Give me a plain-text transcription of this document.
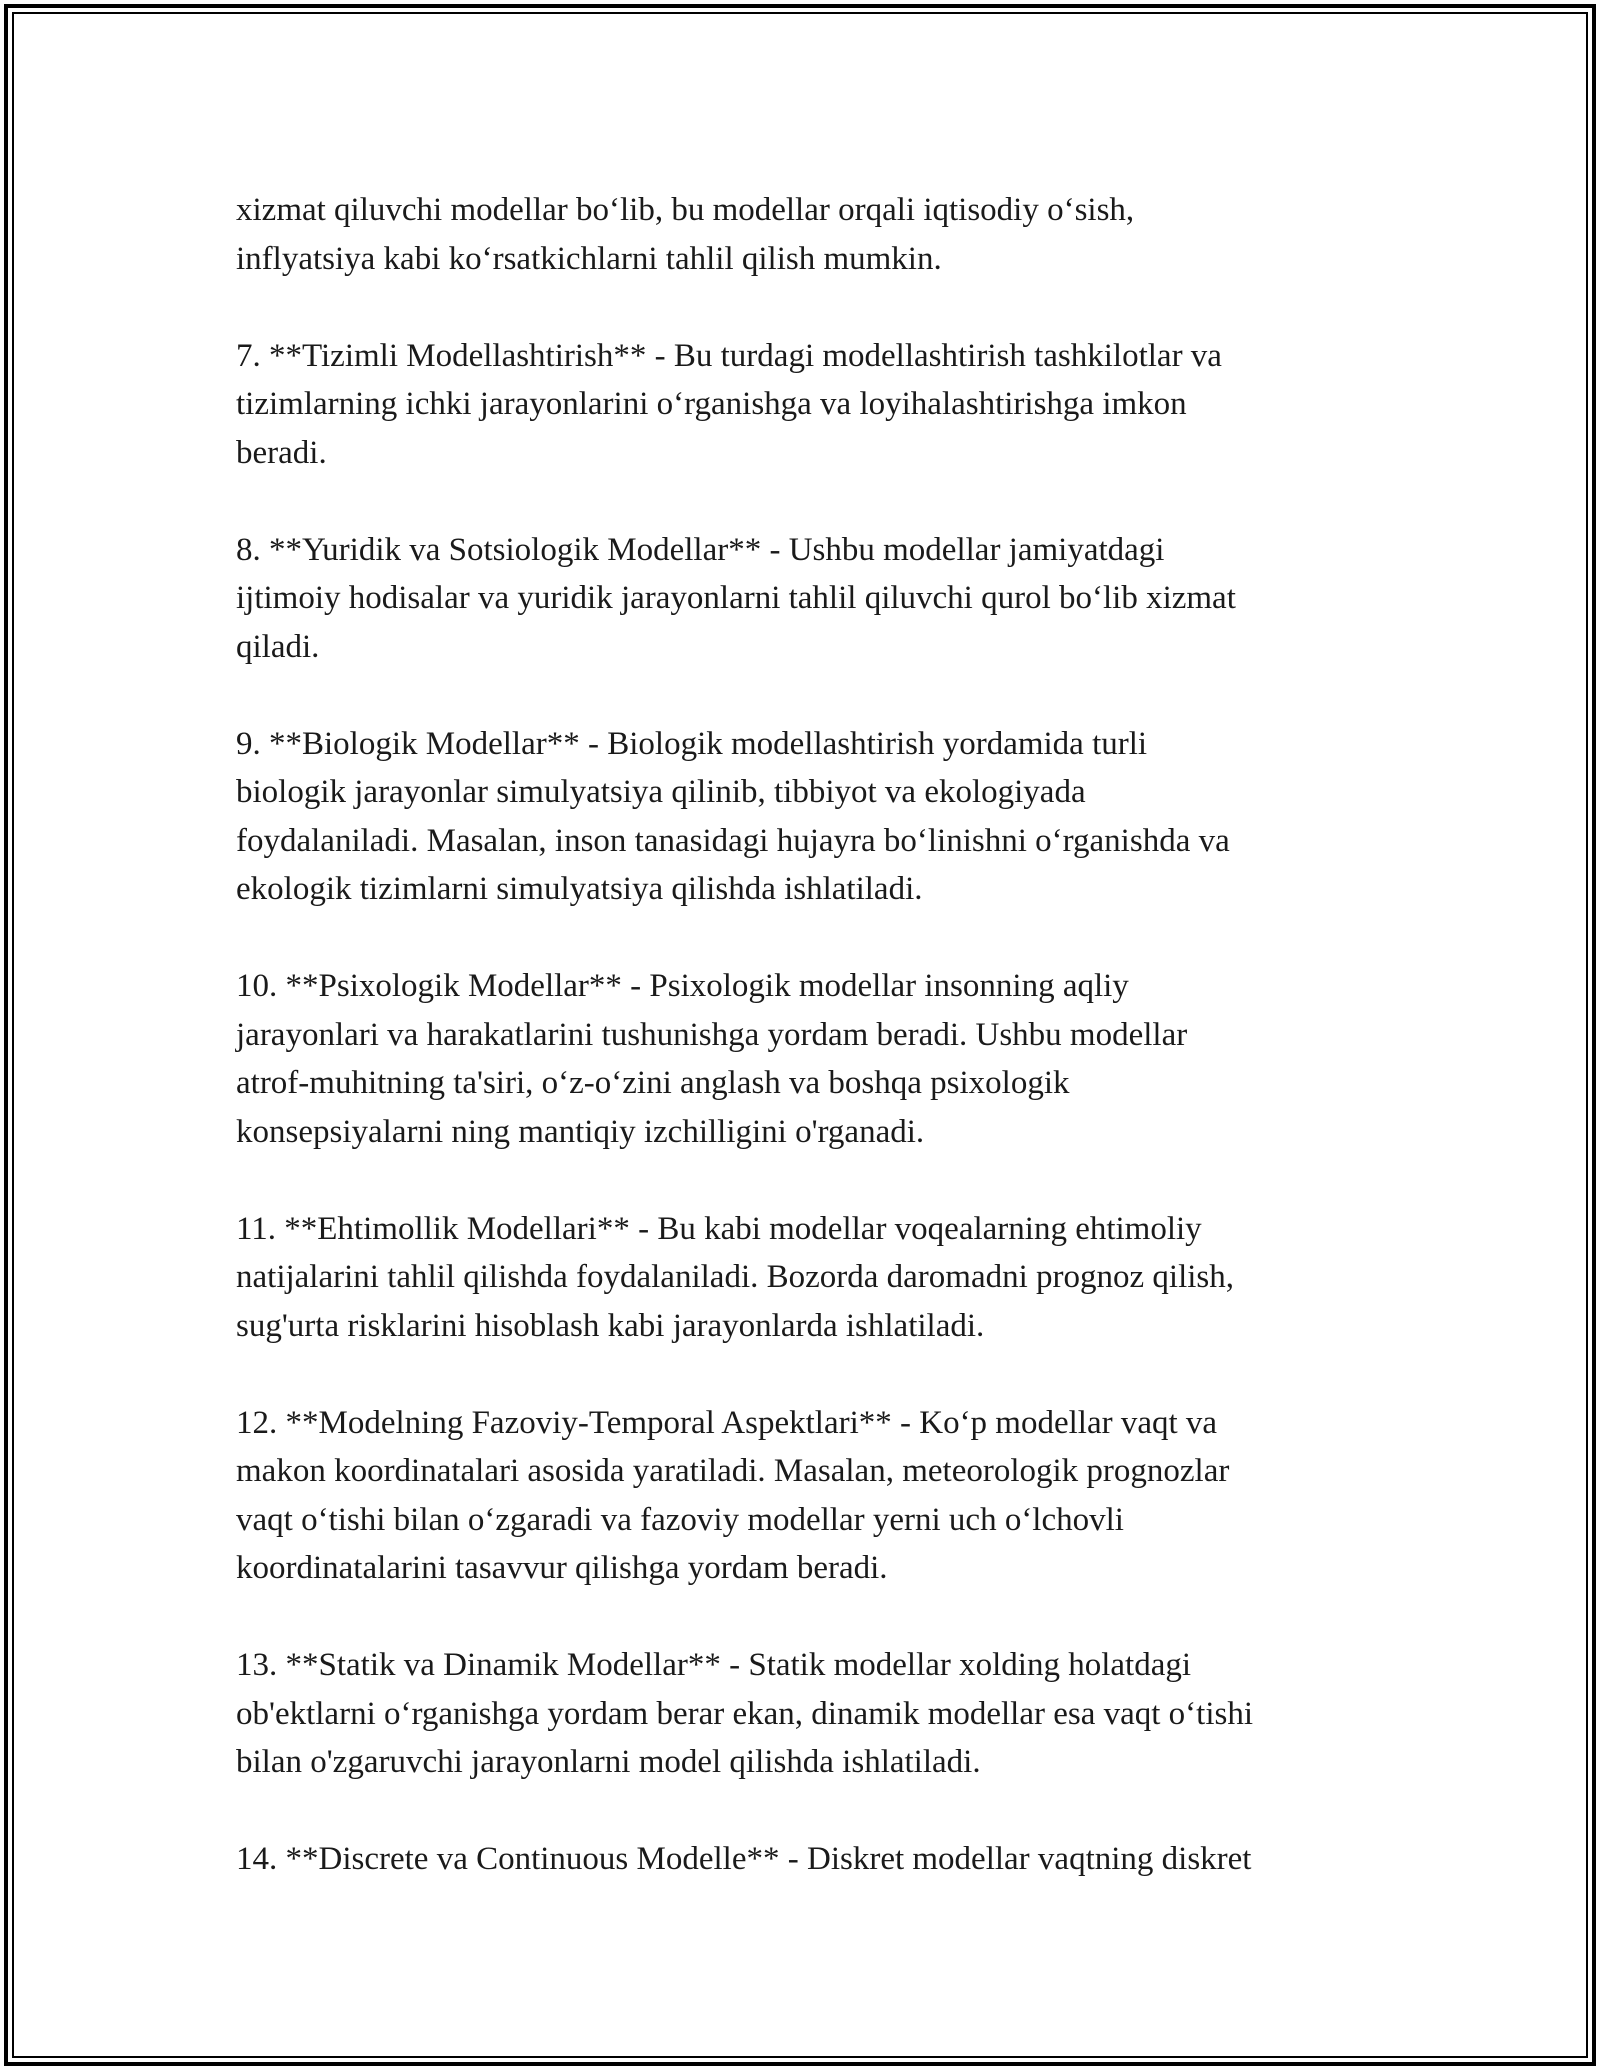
xizmat qiluvchi modellar bo‘lib, bu modellar orqali iqtisodiy o‘sish,
inflyatsiya kabi ko‘rsatkichlarni tahlil qilish mumkin.

7. **Tizimli Modellashtirish** - Bu turdagi modellashtirish tashkilotlar va
tizimlarning ichki jarayonlarini o‘rganishga va loyihalashtirishga imkon
beradi.

8. **Yuridik va Sotsiologik Modellar** - Ushbu modellar jamiyatdagi
ijtimoiy hodisalar va yuridik jarayonlarni tahlil qiluvchi qurol bo‘lib xizmat
qiladi.

9. **Biologik Modellar** - Biologik modellashtirish yordamida turli
biologik jarayonlar simulyatsiya qilinib, tibbiyot va ekologiyada
foydalaniladi. Masalan, inson tanasidagi hujayra bo‘linishni o‘rganishda va
ekologik tizimlarni simulyatsiya qilishda ishlatiladi.

10. **Psixologik Modellar** - Psixologik modellar insonning aqliy
jarayonlari va harakatlarini tushunishga yordam beradi. Ushbu modellar
atrof-muhitning ta'siri, o‘z-o‘zini anglash va boshqa psixologik
konsepsiyalarni ning mantiqiy izchilligini o'rganadi.

11. **Ehtimollik Modellari** - Bu kabi modellar voqealarning ehtimoliy
natijalarini tahlil qilishda foydalaniladi. Bozorda daromadni prognoz qilish,
sug'urta risklarini hisoblash kabi jarayonlarda ishlatiladi.

12. **Modelning Fazoviy-Temporal Aspektlari** - Ko‘p modellar vaqt va
makon koordinatalari asosida yaratiladi. Masalan, meteorologik prognozlar
vaqt o‘tishi bilan o‘zgaradi va fazoviy modellar yerni uch o‘lchovli
koordinatalarini tasavvur qilishga yordam beradi.

13. **Statik va Dinamik Modellar** - Statik modellar xolding holatdagi
ob'ektlarni o‘rganishga yordam berar ekan, dinamik modellar esa vaqt o‘tishi
bilan o'zgaruvchi jarayonlarni model qilishda ishlatiladi.

14. **Discrete va Continuous Modelle** - Diskret modellar vaqtning diskret
